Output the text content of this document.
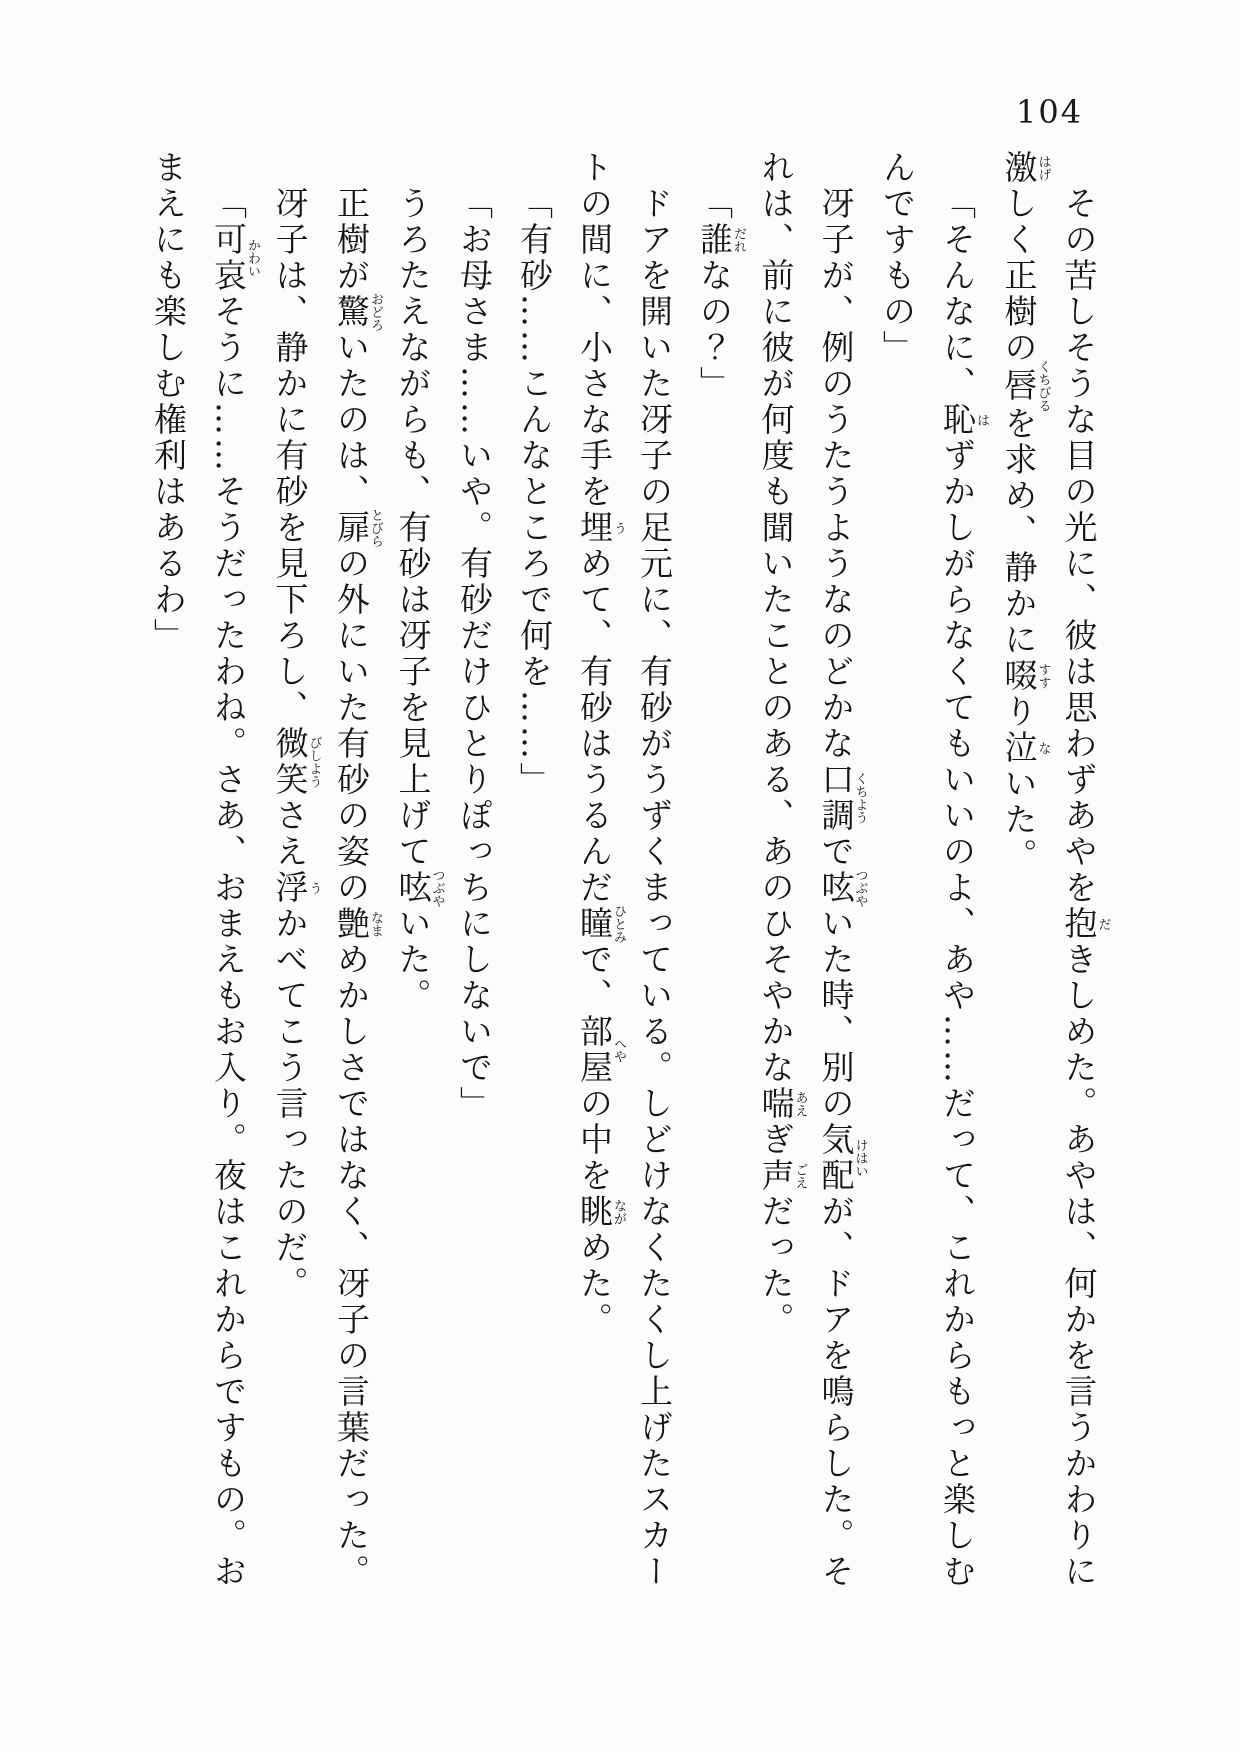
104

その苦しそうな目の光に、彼は思わずあやを抱だきしめた。あやは、何かを言うかわりに激はげしく正樹の唇くちびるを求め、静かに啜すすり泣ないた。

「そんなに、恥はずかしがらなくてもいいのよ、あや……だって、これからもっと楽しむんですもの」

冴子が、例のうたうようなのどかな口調くちようで呟つぶやいた時、別の気配けはいが、ドアを鳴らした。それは、前に彼が何度も聞いたことのある、あのひそやかな喘あえぎ声ごえだった。

「誰だれなの？」

ドアを開いた冴子の足元に、有砂がうずくまっている。しどけなくたくし上げたスカートの間に、小さな手を埋うめて、有砂はうるんだ瞳ひとみで、部屋へやの中を眺ながめた。

「有砂……こんなところで何を……」

「お母さま……いや。有砂だけひとりぽっちにしないで」

うろたえながらも、有砂は冴子を見上げて呟つぶやいた。

正樹が驚おどろいたのは、扉とびらの外にいた有砂の姿の艶なまめかしさではなく、冴子の言葉だった。

冴子は、静かに有砂を見下ろし、微笑びしようさえ浮うかべてこう言ったのだ。

「可哀かわいそうに……そうだったわね。さあ、おまえもお入り。夜はこれからですもの。おまえにも楽しむ権利はあるわ」
